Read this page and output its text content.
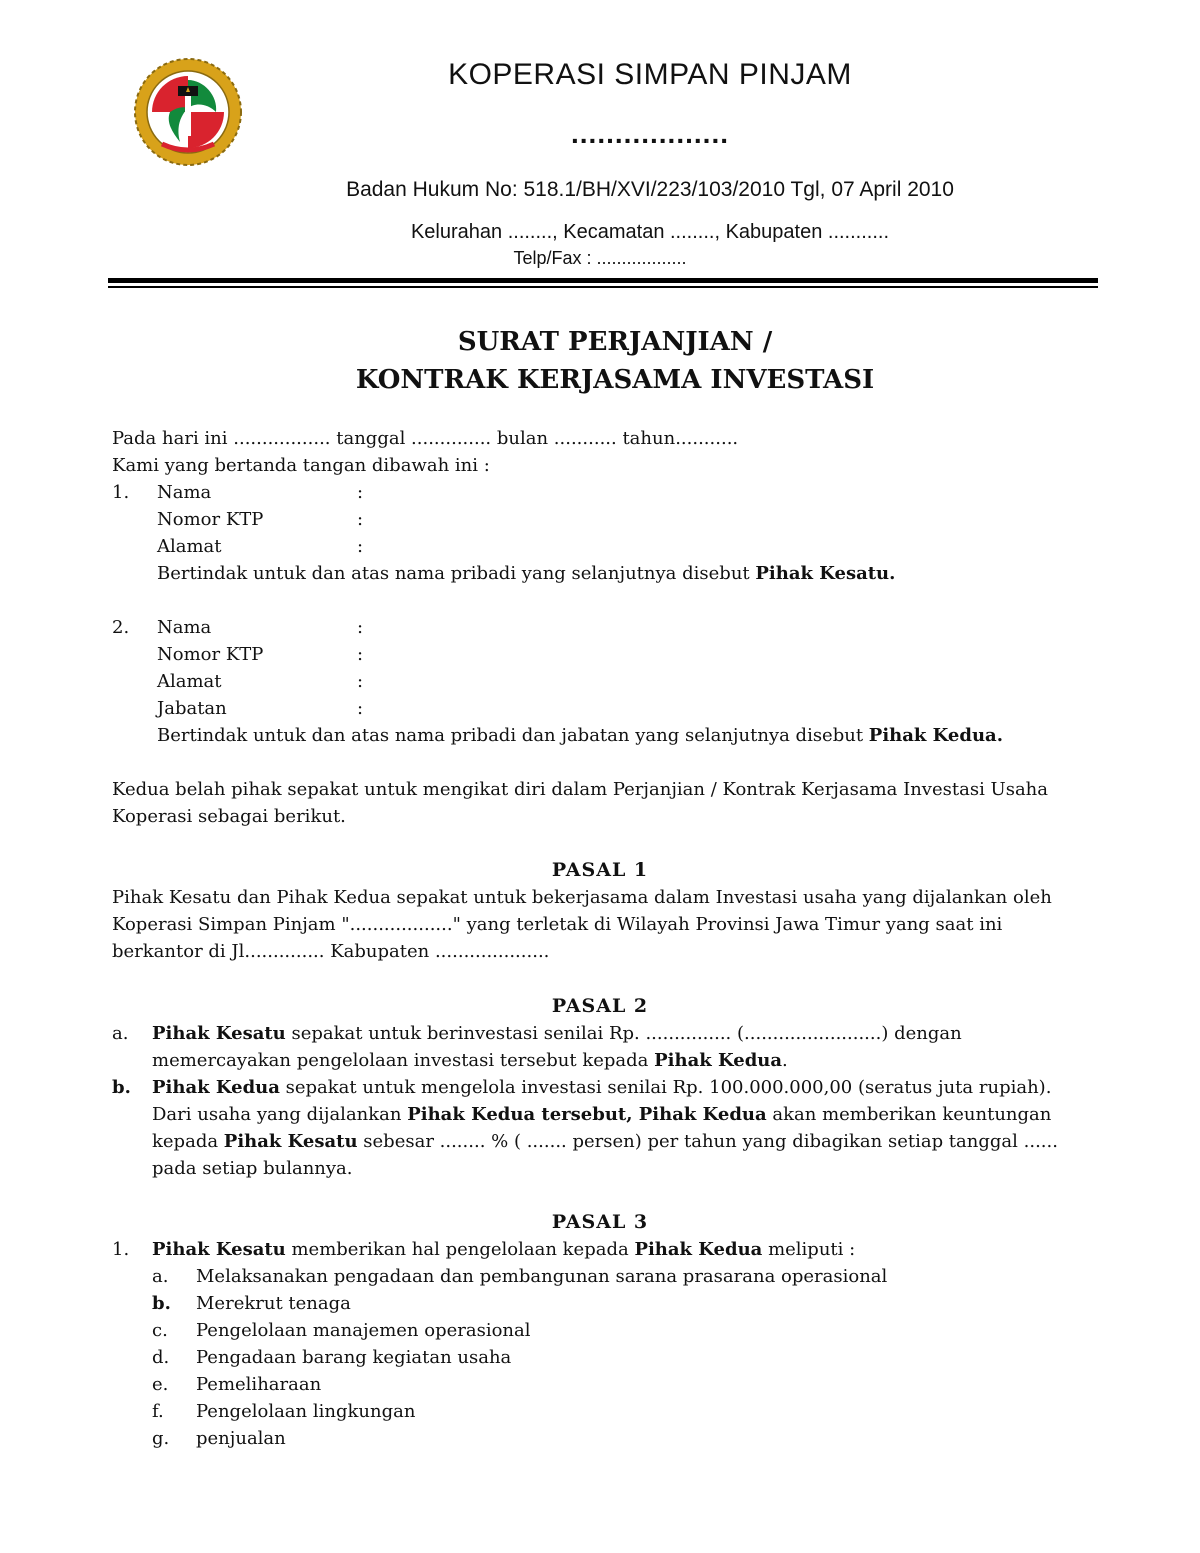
KOPERASI SIMPAN PINJAM
..................
Badan Hukum No: 518.1/BH/XVI/223/103/2010 Tgl, 07 April 2010
Kelurahan ........, Kecamatan ........, Kabupaten ...........
Telp/Fax : ..................
SURAT PERJANJIAN /
KONTRAK KERJASAMA INVESTASI
Pada hari ini ................. tanggal .............. bulan ........... tahun...........
Kami yang bertanda tangan dibawah ini :
1. Nama	:
Nomor KTP	:
Alamat	:
Bertindak untuk dan atas nama pribadi yang selanjutnya disebut Pihak Kesatu.
2. Nama	:
Nomor KTP	:
Alamat	:
Jabatan	:
Bertindak untuk dan atas nama pribadi dan jabatan yang selanjutnya disebut Pihak Kedua.
Kedua belah pihak sepakat untuk mengikat diri dalam Perjanjian / Kontrak Kerjasama Investasi Usaha
Koperasi sebagai berikut.
PASAL 1
Pihak Kesatu dan Pihak Kedua sepakat untuk bekerjasama dalam Investasi usaha yang dijalankan oleh
Koperasi Simpan Pinjam ".................." yang terletak di Wilayah Provinsi Jawa Timur yang saat ini
berkantor di Jl.............. Kabupaten ....................
PASAL 2
a. Pihak Kesatu sepakat untuk berinvestasi senilai Rp. ............... (........................) dengan
memercayakan pengelolaan investasi tersebut kepada Pihak Kedua.
b. Pihak Kedua sepakat untuk mengelola investasi senilai Rp. 100.000.000,00 (seratus juta rupiah).
Dari usaha yang dijalankan Pihak Kedua tersebut, Pihak Kedua akan memberikan keuntungan
kepada Pihak Kesatu sebesar ........ % ( ....... persen) per tahun yang dibagikan setiap tanggal ......
pada setiap bulannya.
PASAL 3
1. Pihak Kesatu memberikan hal pengelolaan kepada Pihak Kedua meliputi :
a. Melaksanakan pengadaan dan pembangunan sarana prasarana operasional
b. Merekrut tenaga
c. Pengelolaan manajemen operasional
d. Pengadaan barang kegiatan usaha
e. Pemeliharaan
f. Pengelolaan lingkungan
g. penjualan
